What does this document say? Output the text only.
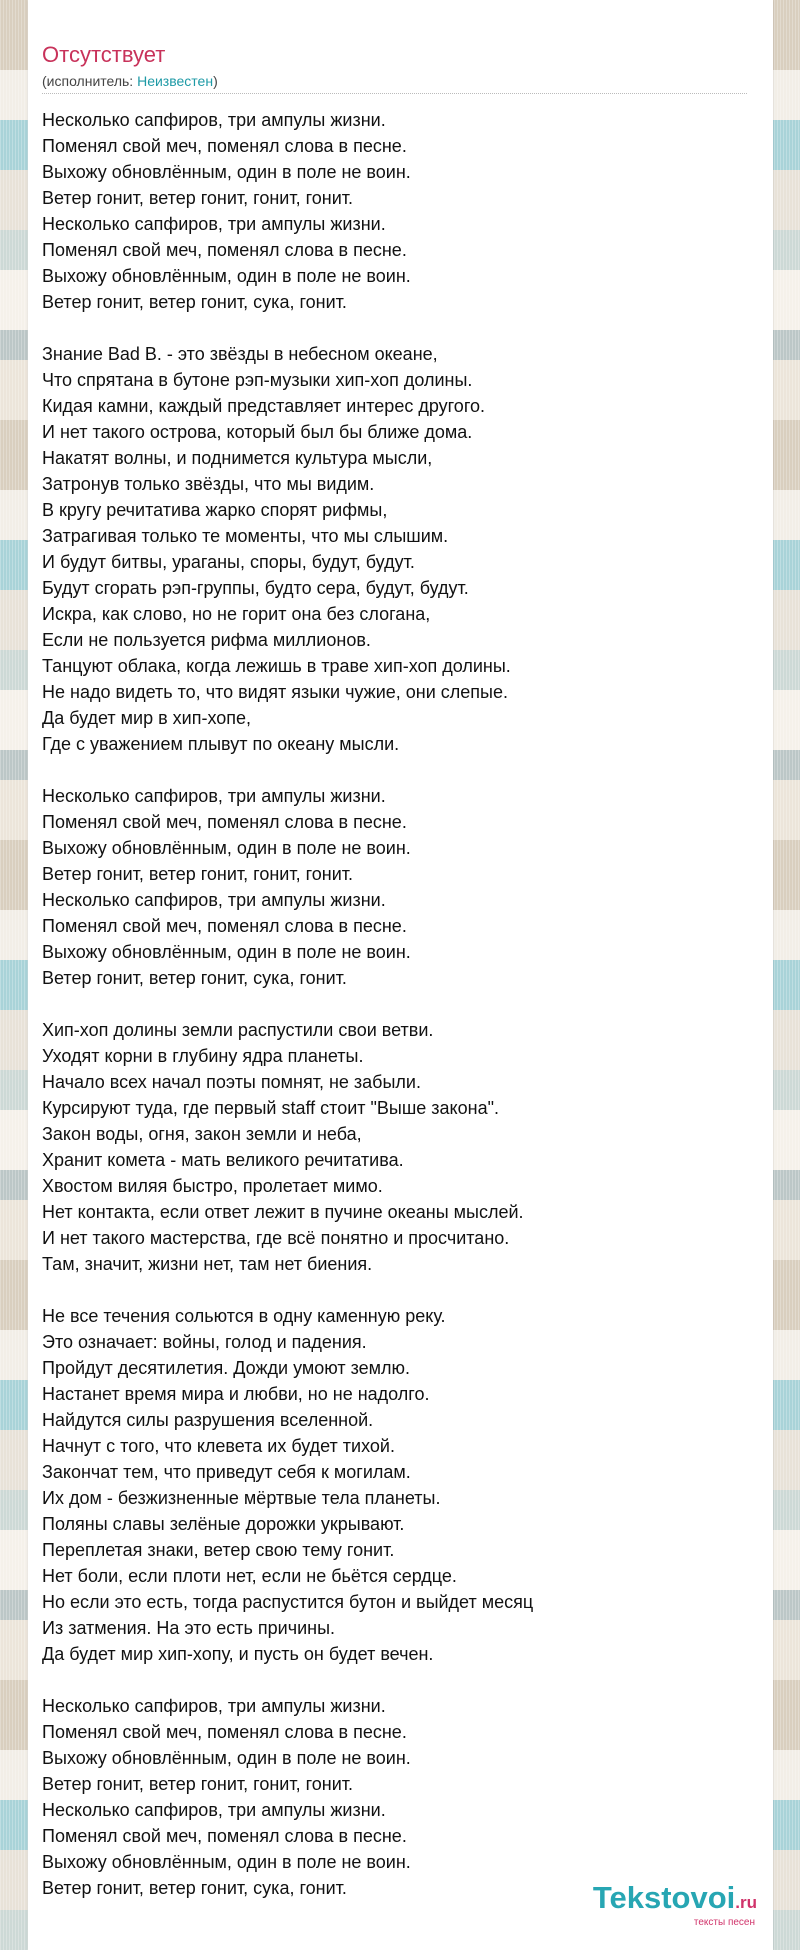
Отсутствует
(исполнитель: Неизвестен)
Несколько сапфиров, три ампулы жизни.
Поменял свой меч, поменял слова в песне.
Выхожу обновлённым, один в поле не воин.
Ветер гонит, ветер гонит, гонит, гонит.
Несколько сапфиров, три ампулы жизни.
Поменял свой меч, поменял слова в песне.
Выхожу обновлённым, один в поле не воин.
Ветер гонит, ветер гонит, сука, гонит.
Знание Bad B. - это звёзды в небесном океане,
Что спрятана в бутоне рэп-музыки хип-хоп долины.
Кидая камни, каждый представляет интерес другого.
И нет такого острова, который был бы ближе дома.
Накатят волны, и поднимется культура мысли,
Затронув только звёзды, что мы видим.
В кругу речитатива жарко спорят рифмы,
Затрагивая только те моменты, что мы слышим.
И будут битвы, ураганы, споры, будут, будут.
Будут сгорать рэп-группы, будто сера, будут, будут.
Искра, как слово, но не горит она без слогана,
Если не пользуется рифма миллионов.
Танцуют облака, когда лежишь в траве хип-хоп долины.
Не надо видеть то, что видят языки чужие, они слепые.
Да будет мир в хип-хопе,
Где с уважением плывут по океану мысли.
Несколько сапфиров, три ампулы жизни.
Поменял свой меч, поменял слова в песне.
Выхожу обновлённым, один в поле не воин.
Ветер гонит, ветер гонит, гонит, гонит.
Несколько сапфиров, три ампулы жизни.
Поменял свой меч, поменял слова в песне.
Выхожу обновлённым, один в поле не воин.
Ветер гонит, ветер гонит, сука, гонит.
Хип-хоп долины земли распустили свои ветви.
Уходят корни в глубину ядра планеты.
Начало всех начал поэты помнят, не забыли.
Курсируют туда, где первый staff стоит "Выше закона".
Закон воды, огня, закон земли и неба,
Хранит комета - мать великого речитатива.
Хвостом виляя быстро, пролетает мимо.
Нет контакта, если ответ лежит в пучине океаны мыслей.
И нет такого мастерства, где всё понятно и просчитано.
Там, значит, жизни нет, там нет биения.
Не все течения сольются в одну каменную реку.
Это означает: войны, голод и падения.
Пройдут десятилетия. Дожди умоют землю.
Настанет время мира и любви, но не надолго.
Найдутся силы разрушения вселенной.
Начнут с того, что клевета их будет тихой.
Закончат тем, что приведут себя к могилам.
Их дом - безжизненные мёртвые тела планеты.
Поляны славы зелёные дорожки укрывают.
Переплетая знаки, ветер свою тему гонит.
Нет боли, если плоти нет, если не бьётся сердце.
Но если это есть, тогда распустится бутон и выйдет месяц
Из затмения. На это есть причины.
Да будет мир хип-хопу, и пусть он будет вечен.
Несколько сапфиров, три ампулы жизни.
Поменял свой меч, поменял слова в песне.
Выхожу обновлённым, один в поле не воин.
Ветер гонит, ветер гонит, гонит, гонит.
Несколько сапфиров, три ампулы жизни.
Поменял свой меч, поменял слова в песне.
Выхожу обновлённым, один в поле не воин.
Ветер гонит, ветер гонит, сука, гонит.	Tekstovoi.ru
тексты песен
